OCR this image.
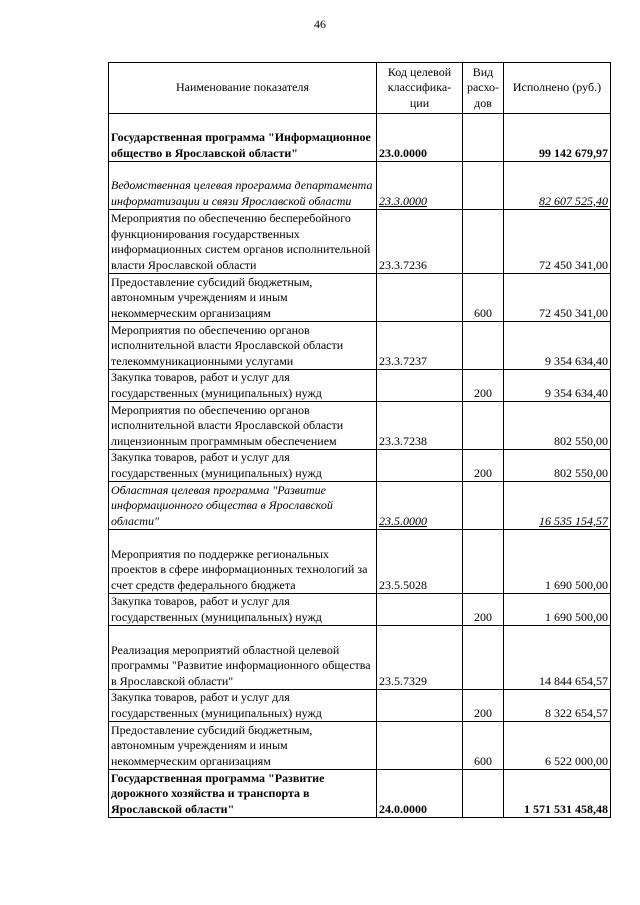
46
Наименование показателя	Код целевой классифика-ции	Вид расхо-дов	Исполнено (руб.)
Государственная программа "Информационное общество в Ярославской области"	23.0.0000		99 142 679,97
Ведомственная целевая программа департамента информатизации и связи Ярославской области	23.3.0000		82 607 525,40
Мероприятия по обеспечению бесперебойного функционирования государственных информационных систем органов исполнительной власти Ярославской области	23.3.7236		72 450 341,00
Предоставление субсидий бюджетным, автономным учреждениям и иным некоммерческим организациям		600	72 450 341,00
Мероприятия по обеспечению органов исполнительной власти Ярославской области телекоммуникационными услугами	23.3.7237		9 354 634,40
Закупка товаров, работ и услуг для государственных (муниципальных) нужд		200	9 354 634,40
Мероприятия по обеспечению органов исполнительной власти Ярославской области лицензионным программным обеспечением	23.3.7238		802 550,00
Закупка товаров, работ и услуг для государственных (муниципальных) нужд		200	802 550,00
Областная целевая программа "Развитие информационного общества в Ярославской области"	23.5.0000		16 535 154,57
Мероприятия по поддержке региональных проектов в сфере информационных технологий за счет средств федерального бюджета	23.5.5028		1 690 500,00
Закупка товаров, работ и услуг для государственных (муниципальных) нужд		200	1 690 500,00
Реализация мероприятий областной целевой программы "Развитие информационного общества в Ярославской области"	23.5.7329		14 844 654,57
Закупка товаров, работ и услуг для государственных (муниципальных) нужд		200	8 322 654,57
Предоставление субсидий бюджетным, автономным учреждениям и иным некоммерческим организациям		600	6 522 000,00
Государственная программа "Развитие дорожного хозяйства и транспорта в Ярославской области"	24.0.0000		1 571 531 458,48
